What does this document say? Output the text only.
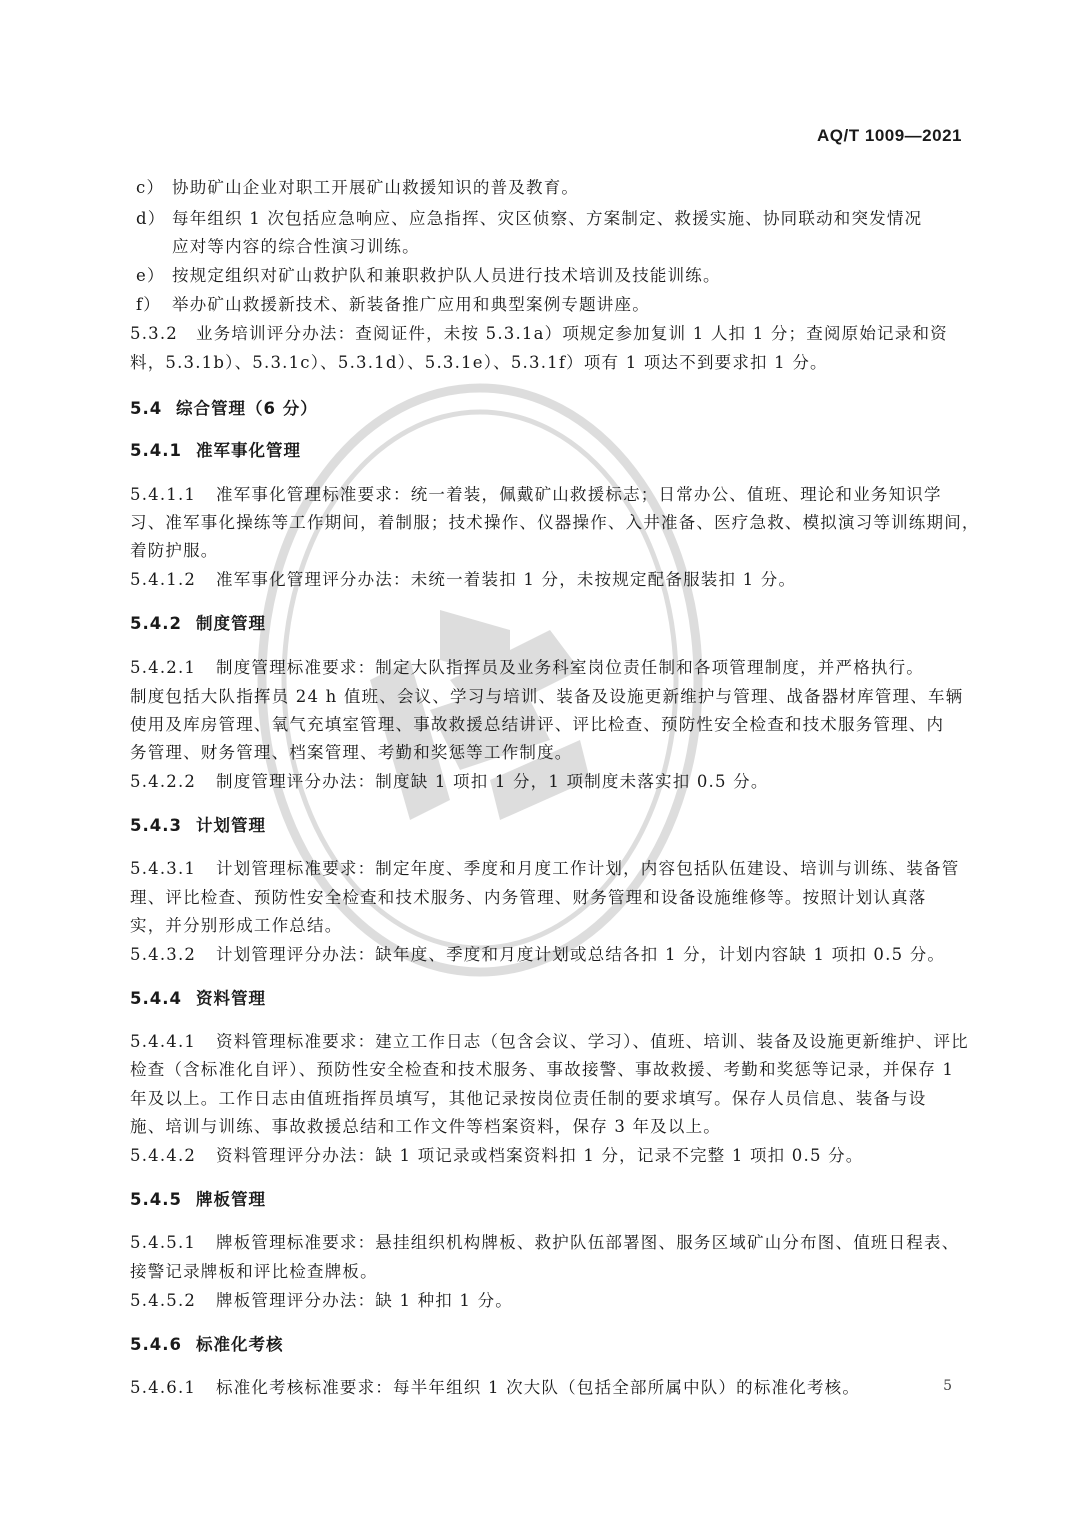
AQ/T 1009—2021
c） 协助矿山企业对职工开展矿山救援知识的普及教育。
d） 每年组织 1 次包括应急响应、应急指挥、灾区侦察、方案制定、救援实施、协同联动和突发情况
应对等内容的综合性演习训练。
e） 按规定组织对矿山救护队和兼职救护队人员进行技术培训及技能训练。
f） 举办矿山救援新技术、新装备推广应用和典型案例专题讲座。
5.3.2 业务培训评分办法：查阅证件，未按 5.3.1a）项规定参加复训 1 人扣 1 分；查阅原始记录和资
料，5.3.1b）、5.3.1c）、5.3.1d）、5.3.1e）、5.3.1f）项有 1 项达不到要求扣 1 分。
5.4 综合管理（6 分）
5.4.1 准军事化管理
5.4.1.1 准军事化管理标准要求：统一着装，佩戴矿山救援标志；日常办公、值班、理论和业务知识学
习、准军事化操练等工作期间，着制服；技术操作、仪器操作、入井准备、医疗急救、模拟演习等训练期间，
着防护服。
5.4.1.2 准军事化管理评分办法：未统一着装扣 1 分，未按规定配备服装扣 1 分。
5.4.2 制度管理
5.4.2.1 制度管理标准要求：制定大队指挥员及业务科室岗位责任制和各项管理制度，并严格执行。
制度包括大队指挥员 24 h 值班、会议、学习与培训、装备及设施更新维护与管理、战备器材库管理、车辆
使用及库房管理、氧气充填室管理、事故救援总结讲评、评比检查、预防性安全检查和技术服务管理、内
务管理、财务管理、档案管理、考勤和奖惩等工作制度。
5.4.2.2 制度管理评分办法：制度缺 1 项扣 1 分，1 项制度未落实扣 0.5 分。
5.4.3 计划管理
5.4.3.1 计划管理标准要求：制定年度、季度和月度工作计划，内容包括队伍建设、培训与训练、装备管
理、评比检查、预防性安全检查和技术服务、内务管理、财务管理和设备设施维修等。按照计划认真落
实，并分别形成工作总结。
5.4.3.2 计划管理评分办法：缺年度、季度和月度计划或总结各扣 1 分，计划内容缺 1 项扣 0.5 分。
5.4.4 资料管理
5.4.4.1 资料管理标准要求：建立工作日志（包含会议、学习）、值班、培训、装备及设施更新维护、评比
检查（含标准化自评）、预防性安全检查和技术服务、事故接警、事故救援、考勤和奖惩等记录，并保存 1
年及以上。工作日志由值班指挥员填写，其他记录按岗位责任制的要求填写。保存人员信息、装备与设
施、培训与训练、事故救援总结和工作文件等档案资料，保存 3 年及以上。
5.4.4.2 资料管理评分办法：缺 1 项记录或档案资料扣 1 分，记录不完整 1 项扣 0.5 分。
5.4.5 牌板管理
5.4.5.1 牌板管理标准要求：悬挂组织机构牌板、救护队伍部署图、服务区域矿山分布图、值班日程表、
接警记录牌板和评比检查牌板。
5.4.5.2 牌板管理评分办法：缺 1 种扣 1 分。
5.4.6 标准化考核
5.4.6.1 标准化考核标准要求：每半年组织 1 次大队（包括全部所属中队）的标准化考核。	5
